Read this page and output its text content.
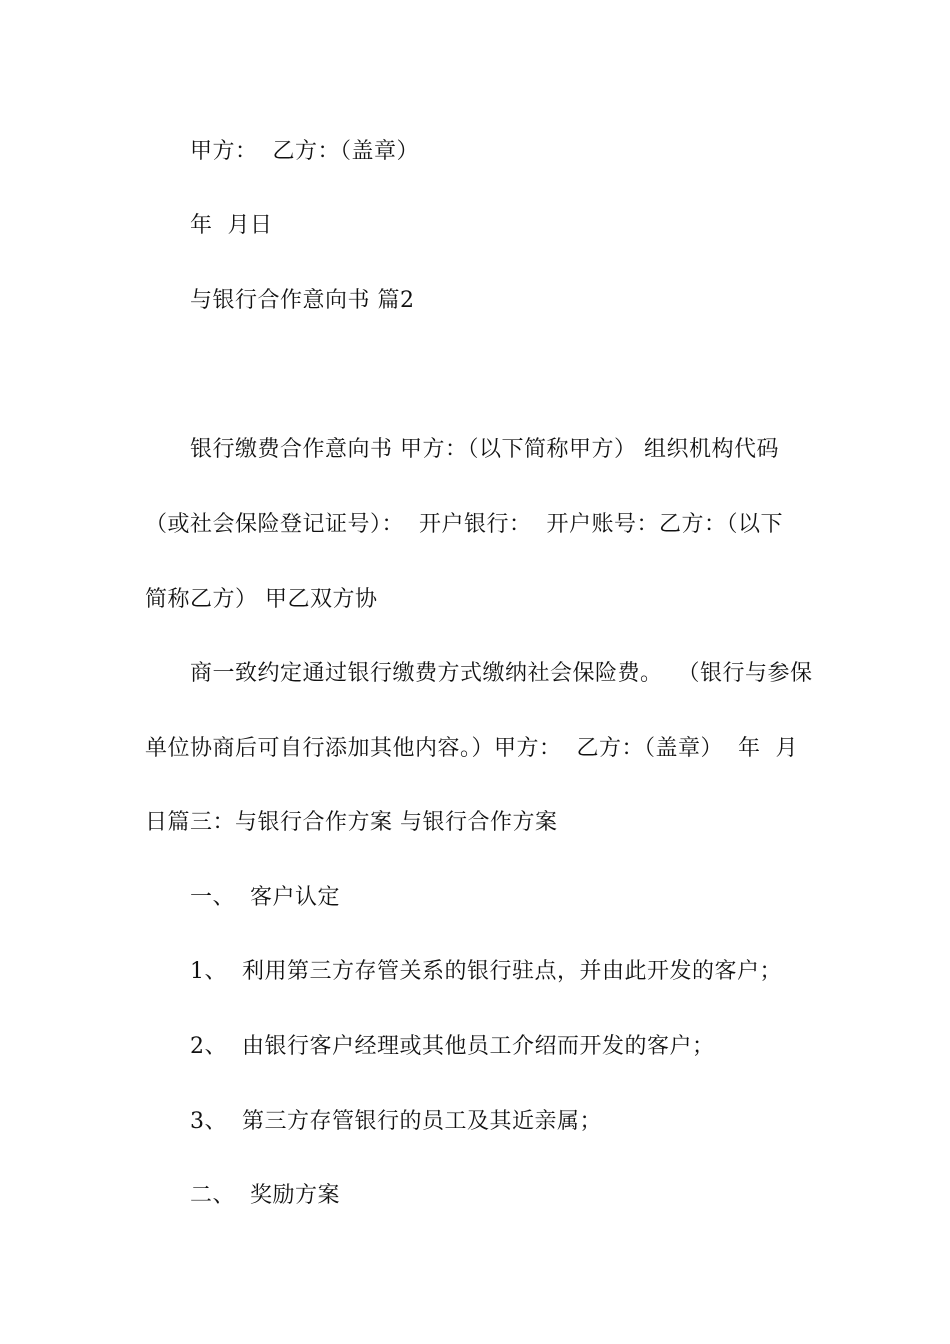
甲方：  乙方：（盖章）
年  月日
与银行合作意向书 篇2
银行缴费合作意向书 甲方：（以下简称甲方） 组织机构代码
（或社会保险登记证号）：  开户银行：  开户账号：乙方：（以下
简称乙方） 甲乙双方协
商一致约定通过银行缴费方式缴纳社会保险费。  （银行与参保
单位协商后可自行添加其他内容。）甲方：  乙方：（盖章）  年  月
日篇三：与银行合作方案 与银行合作方案
一、  客户认定
1、  利用第三方存管关系的银行驻点，并由此开发的客户；
2、  由银行客户经理或其他员工介绍而开发的客户；
3、  第三方存管银行的员工及其近亲属；
二、  奖励方案
